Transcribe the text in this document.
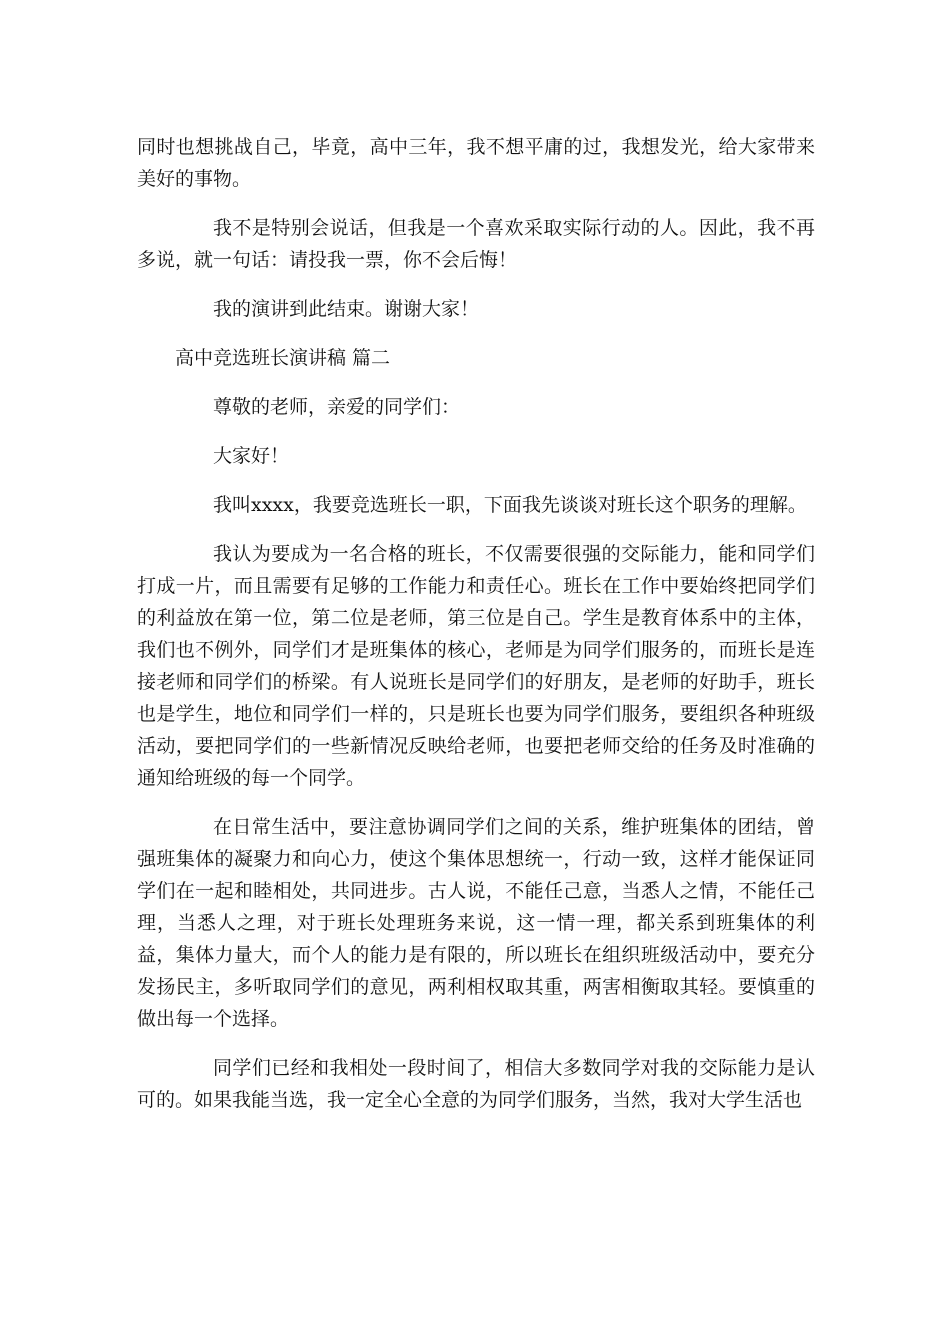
同时也想挑战自己，毕竟，高中三年，我不想平庸的过，我想发光，给大家带来美好的事物。

我不是特别会说话，但我是一个喜欢采取实际行动的人。因此，我不再多说，就一句话：请投我一票，你不会后悔！

我的演讲到此结束。谢谢大家！

高中竞选班长演讲稿 篇二

尊敬的老师，亲爱的同学们：

大家好！

我叫xxxx，我要竞选班长一职，下面我先谈谈对班长这个职务的理解。

我认为要成为一名合格的班长，不仅需要很强的交际能力，能和同学们打成一片，而且需要有足够的工作能力和责任心。班长在工作中要始终把同学们的利益放在第一位，第二位是老师，第三位是自己。学生是教育体系中的主体，我们也不例外，同学们才是班集体的核心，老师是为同学们服务的，而班长是连接老师和同学们的桥梁。有人说班长是同学们的好朋友，是老师的好助手，班长也是学生，地位和同学们一样的，只是班长也要为同学们服务，要组织各种班级活动，要把同学们的一些新情况反映给老师，也要把老师交给的任务及时准确的通知给班级的每一个同学。

在日常生活中，要注意协调同学们之间的关系，维护班集体的团结，曾强班集体的凝聚力和向心力，使这个集体思想统一，行动一致，这样才能保证同学们在一起和睦相处，共同进步。古人说，不能任己意，当悉人之情，不能任己理，当悉人之理，对于班长处理班务来说，这一情一理，都关系到班集体的利益，集体力量大，而个人的能力是有限的，所以班长在组织班级活动中，要充分发扬民主，多听取同学们的意见，两利相权取其重，两害相衡取其轻。要慎重的做出每一个选择。

同学们已经和我相处一段时间了，相信大多数同学对我的交际能力是认可的。如果我能当选，我一定全心全意的为同学们服务，当然，我对大学生活也
